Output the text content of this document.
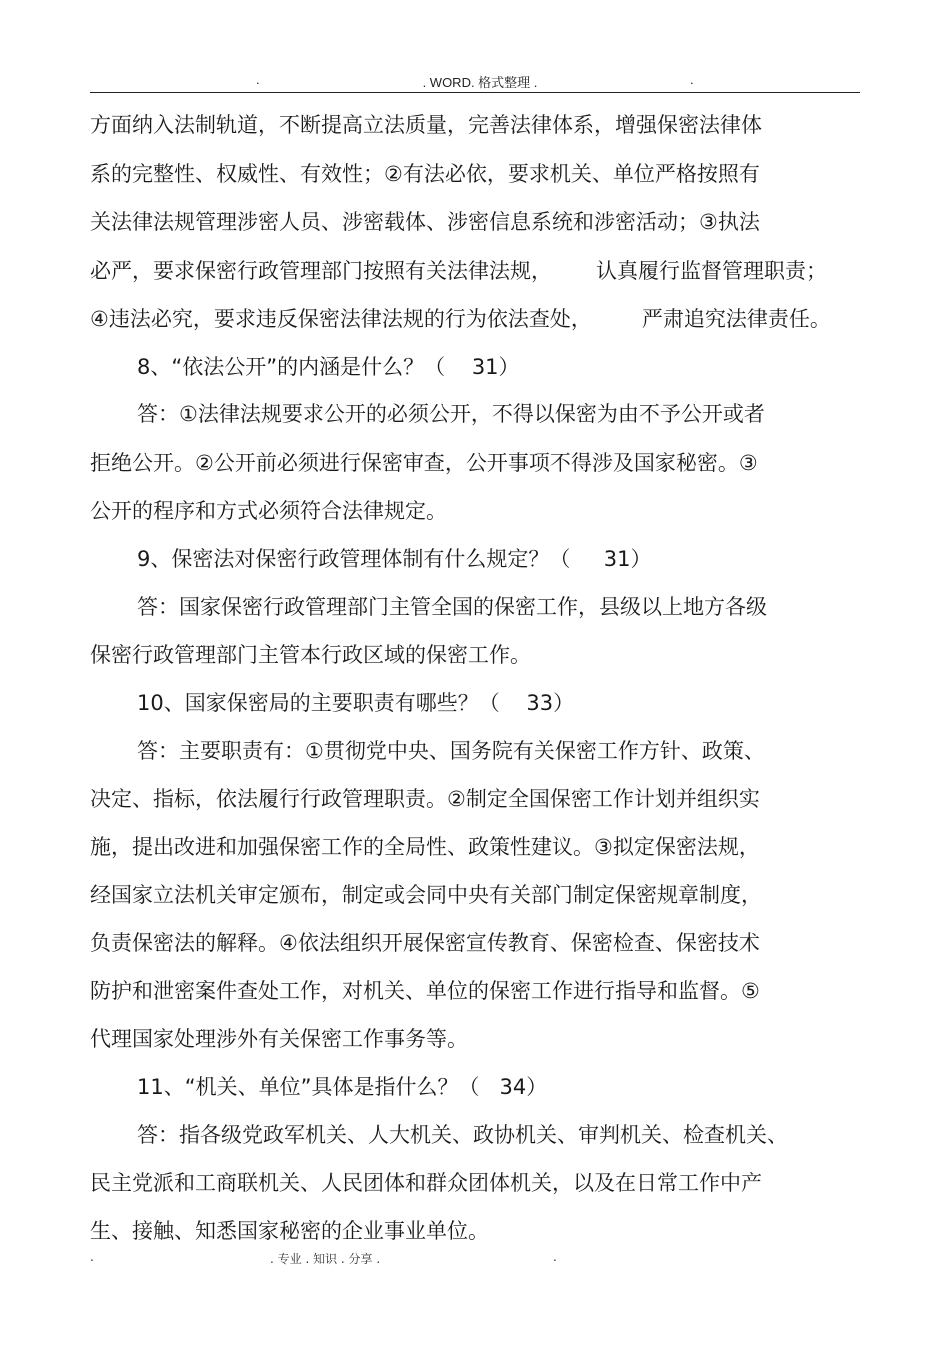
.	. WORD. 格式整理 .	.
方面纳入法制轨道，不断提高立法质量，完善法律体系，增强保密法律体
系的完整性、权威性、有效性；②有法必依，要求机关、单位严格按照有
关法律法规管理涉密人员、涉密载体、涉密信息系统和涉密活动；③执法
必严，要求保密行政管理部门按照有关法律法规， 认真履行监督管理职责；
④违法必究，要求违反保密法律法规的行为依法查处， 严肃追究法律责任。
8、“依法公开”的内涵是什么？（    31）
答：①法律法规要求公开的必须公开，不得以保密为由不予公开或者
拒绝公开。②公开前必须进行保密审查，公开事项不得涉及国家秘密。③
公开的程序和方式必须符合法律规定。
9、保密法对保密行政管理体制有什么规定？（     31）
答：国家保密行政管理部门主管全国的保密工作，县级以上地方各级
保密行政管理部门主管本行政区域的保密工作。
10、国家保密局的主要职责有哪些？（    33）
答：主要职责有：①贯彻党中央、国务院有关保密工作方针、政策、
决定、指标，依法履行行政管理职责。②制定全国保密工作计划并组织实
施，提出改进和加强保密工作的全局性、政策性建议。③拟定保密法规，
经国家立法机关审定颁布，制定或会同中央有关部门制定保密规章制度，
负责保密法的解释。④依法组织开展保密宣传教育、保密检查、保密技术
防护和泄密案件查处工作，对机关、单位的保密工作进行指导和监督。⑤
代理国家处理涉外有关保密工作事务等。
11、“机关、单位”具体是指什么？（   34）
答：指各级党政军机关、人大机关、政协机关、审判机关、检查机关、
民主党派和工商联机关、人民团体和群众团体机关，以及在日常工作中产
生、接触、知悉国家秘密的企业事业单位。
.	. 专业 . 知识 . 分享 .	.
